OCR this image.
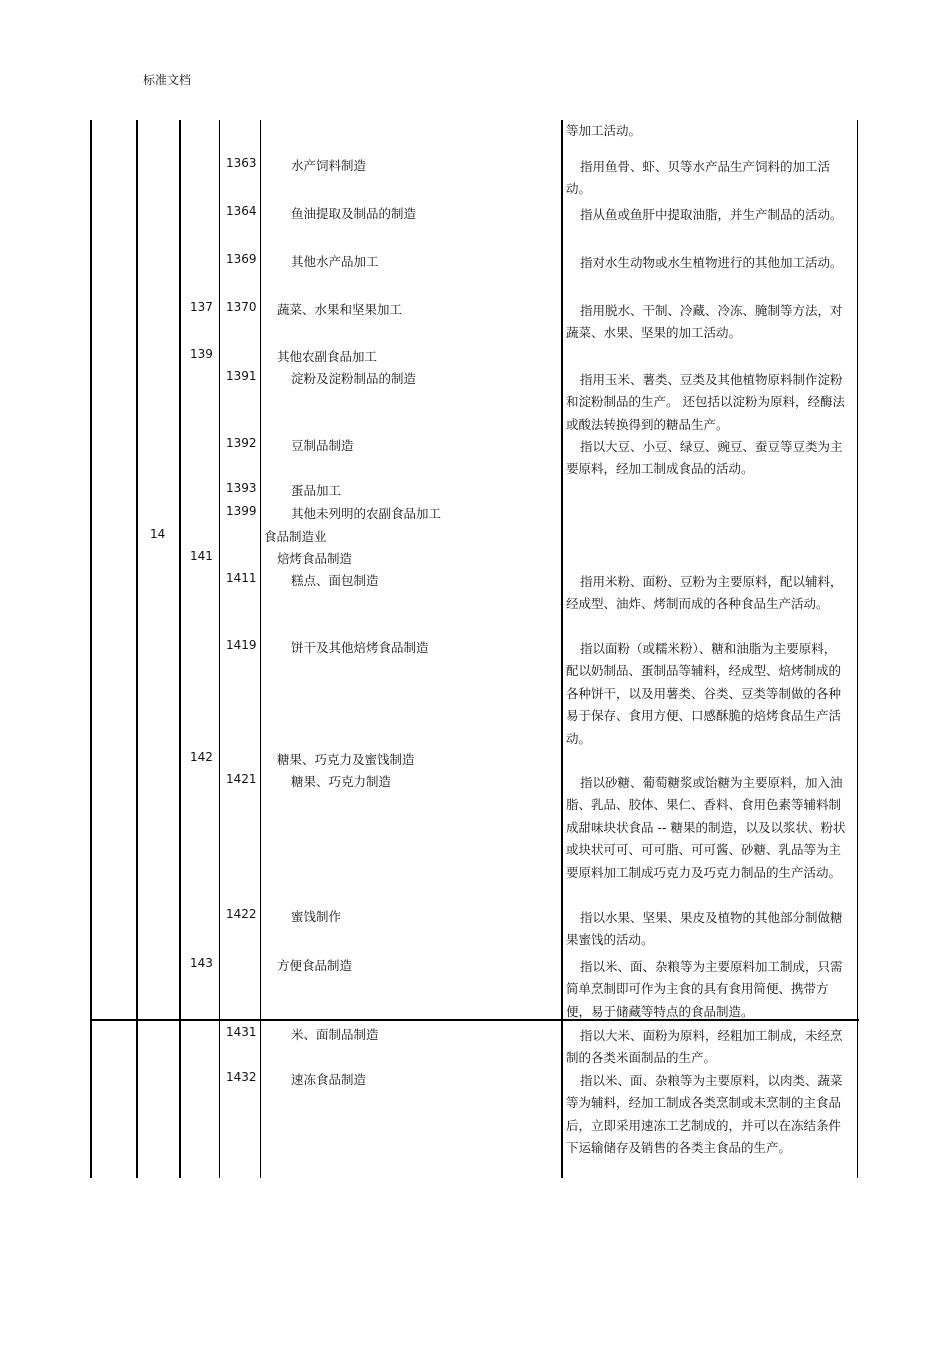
标准文档
等加工活动。
1363	水产饲料制造	指用鱼骨、虾、贝等水产品生产饲料的加工活动。
1364	鱼油提取及制品的制造	指从鱼或鱼肝中提取油脂，并生产制品的活动。
1369	其他水产品加工	指对水生动物或水生植物进行的其他加工活动。
137	1370 蔬菜、水果和坚果加工	指用脱水、干制、冷藏、冷冻、腌制等方法，对蔬菜、水果、坚果的加工活动。
139	其他农副食品加工
1391	淀粉及淀粉制品的制造	指用玉米、薯类、豆类及其他植物原料制作淀粉和淀粉制品的生产。 还包括以淀粉为原料，经酶法或酸法转换得到的糖品生产。
1392	豆制品制造	指以大豆、小豆、绿豆、豌豆、蚕豆等豆类为主要原料，经加工制成食品的活动。
1393	蛋品加工
1399	其他未列明的农副食品加工
14	食品制造业
141	焙烤食品制造
1411	糕点、面包制造	指用米粉、面粉、豆粉为主要原料，配以辅料，经成型、油炸、烤制而成的各种食品生产活动。
1419	饼干及其他焙烤食品制造	指以面粉（或糯米粉）、糖和油脂为主要原料，配以奶制品、蛋制品等辅料，经成型、焙烤制成的各种饼干，以及用薯类、谷类、豆类等制做的各种易于保存、食用方便、口感酥脆的焙烤食品生产活动。
142	糖果、巧克力及蜜饯制造
1421	糖果、巧克力制造	指以砂糖、葡萄糖浆或饴糖为主要原料，加入油脂、乳品、胶体、果仁、香料、食用色素等辅料制成甜味块状食品 -- 糖果的制造，以及以浆状、粉状或块状可可、可可脂、可可酱、砂糖、乳品等为主要原料加工制成巧克力及巧克力制品的生产活动。
1422	蜜饯制作	指以水果、坚果、果皮及植物的其他部分制做糖果蜜饯的活动。
143	方便食品制造	指以米、面、杂粮等为主要原料加工制成，只需简单烹制即可作为主食的具有食用简便、携带方便，易于储藏等特点的食品制造。
1431	米、面制品制造	指以大米、面粉为原料，经粗加工制成，未经烹制的各类米面制品的生产。
1432	速冻食品制造	指以米、面、杂粮等为主要原料，以肉类、蔬菜等为辅料，经加工制成各类烹制或未烹制的主食品后，立即采用速冻工艺制成的，并可以在冻结条件下运输储存及销售的各类主食品的生产。
